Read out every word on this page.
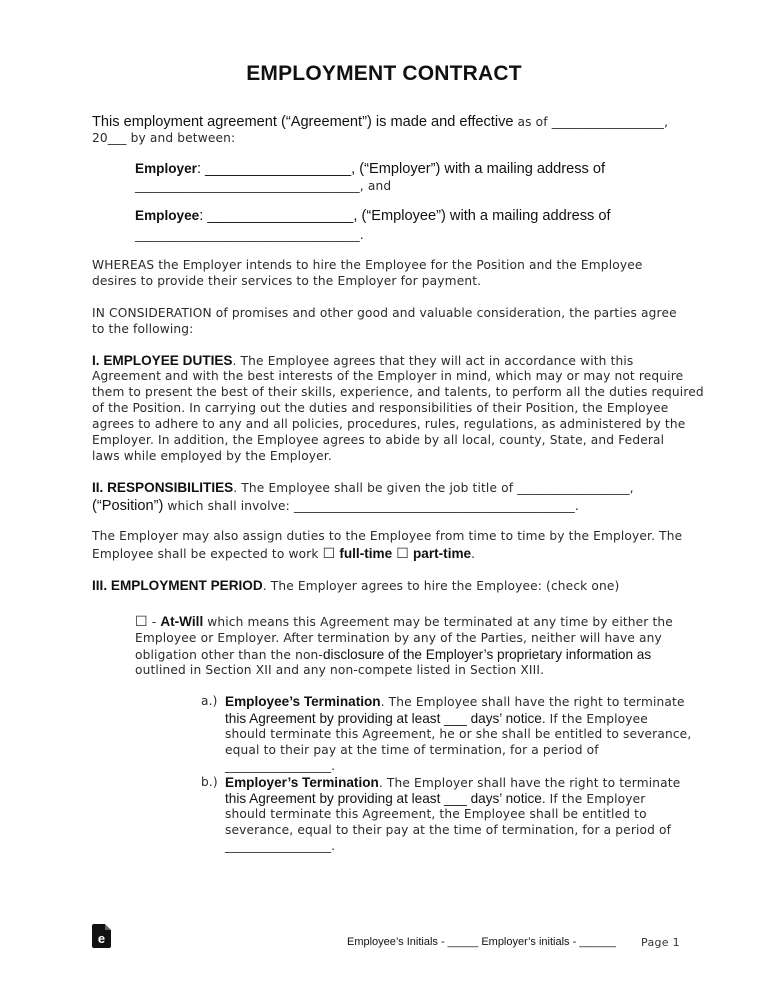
EMPLOYMENT CONTRACT
This employment agreement (“Agreement”) is made and effective as of __________________,
20___ by and between:
Employer: __________________, (“Employer”) with a mailing address of
____________________________________, and
Employee: __________________, (“Employee”) with a mailing address of
____________________________________.
WHEREAS the Employer intends to hire the Employee for the Position and the Employee
desires to provide their services to the Employer for payment.
IN CONSIDERATION of promises and other good and valuable consideration, the parties agree
to the following:
I. EMPLOYEE DUTIES. The Employee agrees that they will act in accordance with this
Agreement and with the best interests of the Employer in mind, which may or may not require
them to present the best of their skills, experience, and talents, to perform all the duties required
of the Position. In carrying out the duties and responsibilities of their Position, the Employee
agrees to adhere to any and all policies, procedures, rules, regulations, as administered by the
Employer. In addition, the Employee agrees to abide by all local, county, State, and Federal
laws while employed by the Employer.
II. RESPONSIBILITIES. The Employee shall be given the job title of __________________,
(“Position”) which shall involve: _____________________________________________.
The Employer may also assign duties to the Employee from time to time by the Employer. The
Employee shall be expected to work ☐ full-time ☐ part-time.
III. EMPLOYMENT PERIOD. The Employer agrees to hire the Employee: (check one)
☐ - At-Will which means this Agreement may be terminated at any time by either the
Employee or Employer. After termination by any of the Parties, neither will have any
obligation other than the non-disclosure of the Employer’s proprietary information as
outlined in Section XII and any non-compete listed in Section XIII.
a.) Employee’s Termination. The Employee shall have the right to terminate
this Agreement by providing at least ___ days’ notice. If the Employee
should terminate this Agreement, he or she shall be entitled to severance,
equal to their pay at the time of termination, for a period of
_________________.
b.) Employer’s Termination. The Employer shall have the right to terminate
this Agreement by providing at least ___ days’ notice. If the Employer
should terminate this Agreement, the Employee shall be entitled to
severance, equal to their pay at the time of termination, for a period of
_________________.
e	Employee’s Initials - _____ Employer’s initials - ______ Page 1
